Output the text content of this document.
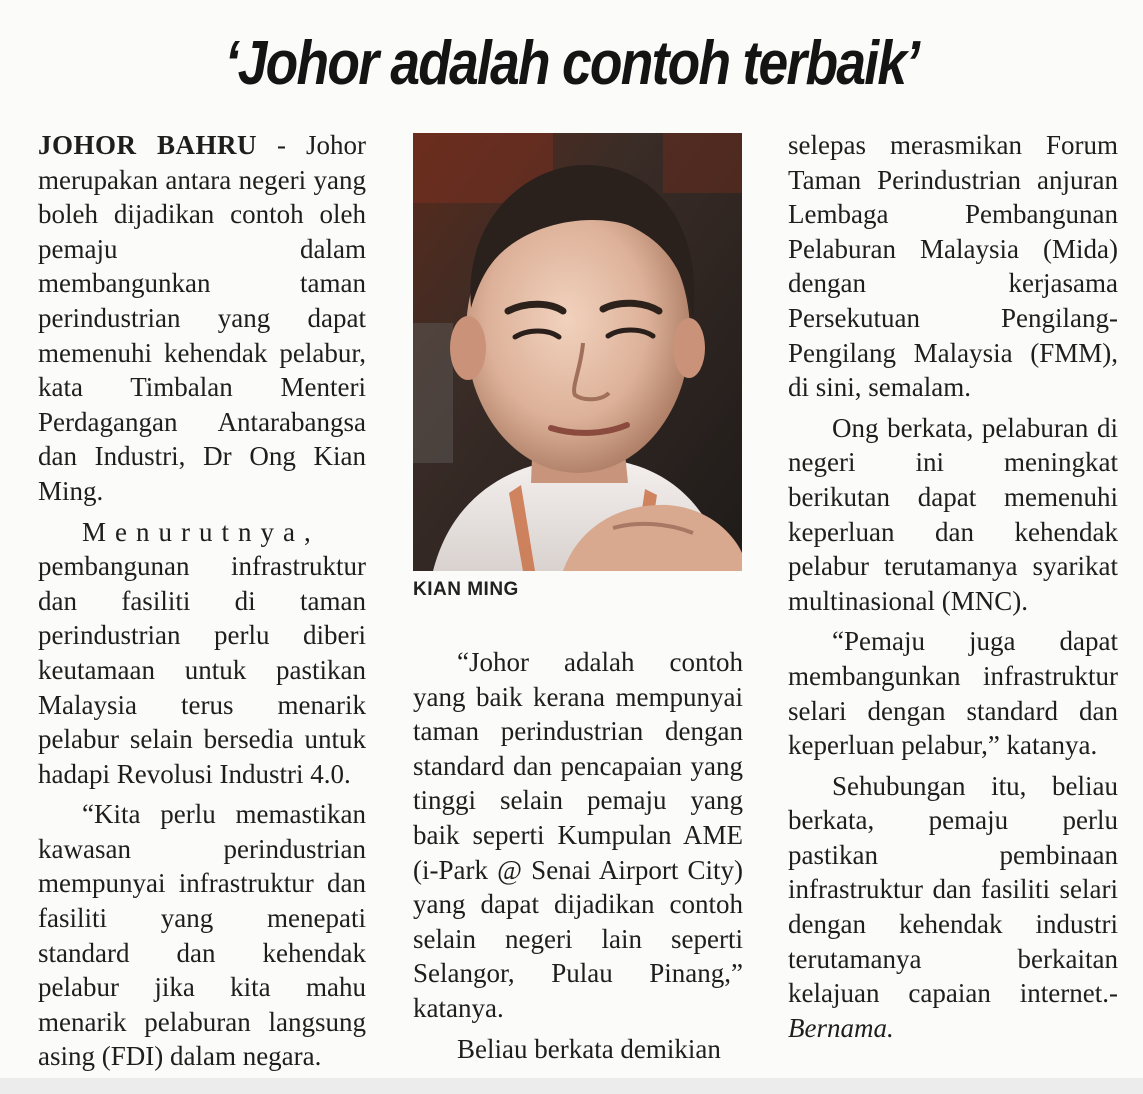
‘Johor adalah contoh terbaik’

JOHOR BAHRU - Johor merupakan antara negeri yang boleh dijadikan contoh oleh pemaju dalam membangunkan taman perindustrian yang dapat memenuhi kehendak pelabur, kata Timbalan Menteri Perdagangan Antarabangsa dan Industri, Dr Ong Kian Ming.

Menurutnya, pembangunan infrastruktur dan fasiliti di taman perindustrian perlu diberi keutamaan untuk pastikan Malaysia terus menarik pelabur selain bersedia untuk hadapi Revolusi Industri 4.0.

“Kita perlu memastikan kawasan perindustrian mempunyai infrastruktur dan fasiliti yang menepati standard dan kehendak pelabur jika kita mahu menarik pelaburan langsung asing (FDI) dalam negara.

KIAN MING

“Johor adalah contoh yang baik kerana mempunyai taman perindustrian dengan standard dan pencapaian yang tinggi selain pemaju yang baik seperti Kumpulan AME (i-Park @ Senai Airport City) yang dapat dijadikan contoh selain negeri lain seperti Selangor, Pulau Pinang,” katanya.

Beliau berkata demikian

selepas merasmikan Forum Taman Perindustrian anjuran Lembaga Pembangunan Pelaburan Malaysia (Mida) dengan kerjasama Persekutuan Pengilang-Pengilang Malaysia (FMM), di sini, semalam.

Ong berkata, pelaburan di negeri ini meningkat berikutan dapat memenuhi keperluan dan kehendak pelabur terutamanya syarikat multinasional (MNC).

“Pemaju juga dapat membangunkan infrastruktur selari dengan standard dan keperluan pelabur,” katanya.

Sehubungan itu, beliau berkata, pemaju perlu pastikan pembinaan infrastruktur dan fasiliti selari dengan kehendak industri terutamanya berkaitan kelajuan capaian internet.- Bernama.
